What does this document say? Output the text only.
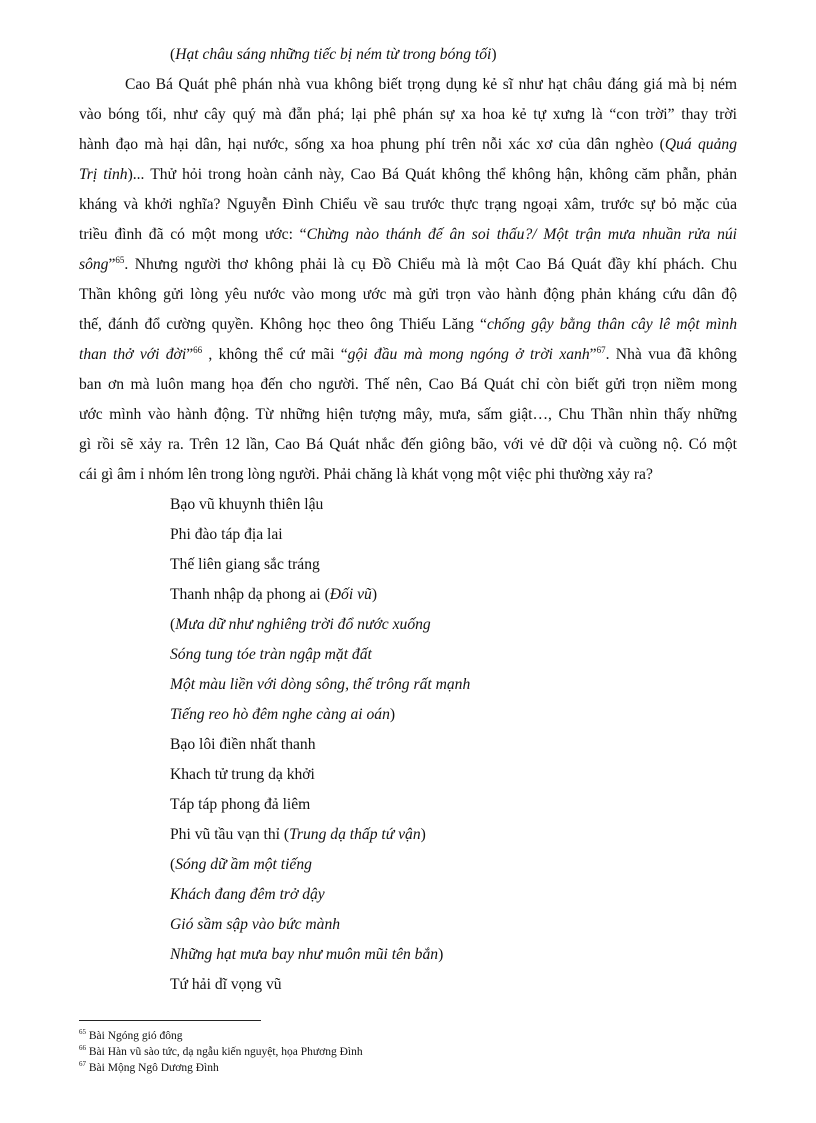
(Hạt châu sáng những tiếc bị ném từ trong bóng tối)
Cao Bá Quát phê phán nhà vua không biết trọng dụng kẻ sĩ như hạt châu đáng giá mà bị ném
vào bóng tối, như cây quý mà đẵn phá; lại phê phán sự xa hoa kẻ tự xưng là “con trời” thay trời
hành đạo mà hại dân, hại nước, sống xa hoa phung phí trên nỗi xác xơ của dân nghèo (Quá quảng
Trị tỉnh)... Thử hỏi trong hoàn cảnh này, Cao Bá Quát không thể không hận, không căm phẫn, phản
kháng và khởi nghĩa? Nguyễn Đình Chiểu về sau trước thực trạng ngoại xâm, trước sự bỏ mặc của
triều đình đã có một mong ước: “Chừng nào thánh đế ân soi thấu?/ Một trận mưa nhuần rửa núi
sông”$^{65}$. Nhưng người thơ không phải là cụ Đồ Chiểu mà là một Cao Bá Quát đầy khí phách. Chu
Thần không gửi lòng yêu nước vào mong ước mà gửi trọn vào hành động phản kháng cứu dân độ
thế, đánh đổ cường quyền. Không học theo ông Thiếu Lăng “chống gậy bằng thân cây lê một mình
than thở với đời”$^{66}$ , không thể cứ mãi “gội đầu mà mong ngóng ở trời xanh”$^{67}$. Nhà vua đã không
ban ơn mà luôn mang họa đến cho người. Thế nên, Cao Bá Quát chỉ còn biết gửi trọn niềm mong
ước mình vào hành động. Từ những hiện tượng mây, mưa, sấm giật…, Chu Thần nhìn thấy những
gì rồi sẽ xảy ra. Trên 12 lần, Cao Bá Quát nhắc đến giông bão, với vẻ dữ dội và cuồng nộ. Có một
cái gì âm ỉ nhóm lên trong lòng người. Phải chăng là khát vọng một việc phi thường xảy ra?
Bạo vũ khuynh thiên lậu
Phi đào táp địa lai
Thế liên giang sắc tráng
Thanh nhập dạ phong ai (Đối vũ)
(Mưa dữ như nghiêng trời đổ nước xuống
Sóng tung tóe tràn ngập mặt đất
Một màu liền với dòng sông, thế trông rất mạnh
Tiếng reo hò đêm nghe càng ai oán)
Bạo lôi điền nhất thanh
Khach tử trung dạ khởi
Táp táp phong đả liêm
Phi vũ tầu vạn thỉ (Trung dạ thấp tứ vận)
(Sóng dữ ầm một tiếng
Khách đang đêm trở dậy
Gió sầm sập vào bức mành
Những hạt mưa bay như muôn mũi tên bắn)
Tứ hải dĩ vọng vũ
$^{65}$ Bài Ngóng gió đông
$^{66}$ Bài Hàn vũ sào tức, dạ ngẫu kiến nguyệt, họa Phương Đình
$^{67}$ Bài Mộng Ngô Dương Đình
